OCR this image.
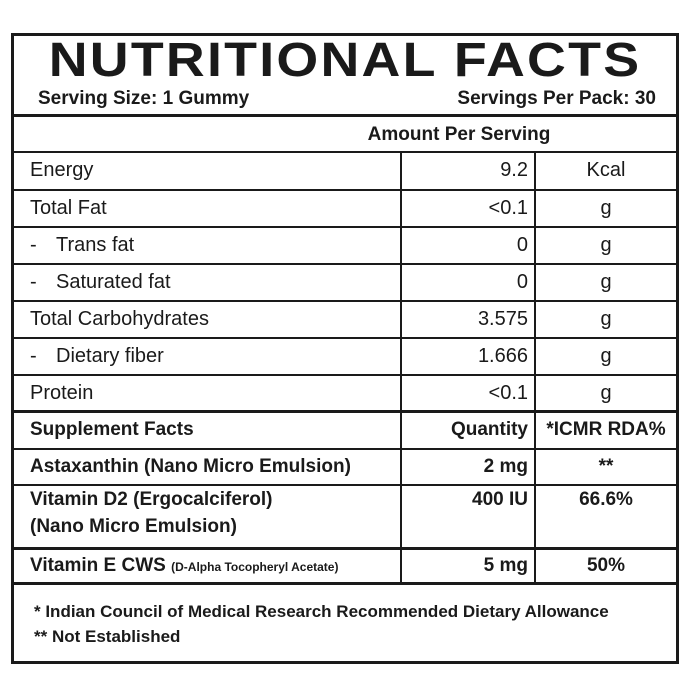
NUTRITIONAL FACTS
Serving Size: 1 Gummy	Servings Per Pack: 30
Amount Per Serving
Energy	9.2	Kcal
Total Fat	<0.1	g
- Trans fat	0	g
- Saturated fat	0	g
Total Carbohydrates	3.575	g
- Dietary fiber	1.666	g
Protein	<0.1	g
Supplement Facts	Quantity *ICMR RDA%
Astaxanthin (Nano Micro Emulsion)	2 mg	**
Vitamin D2 (Ergocalciferol)
(Nano Micro Emulsion)
400 IU	66.6%
Vitamin E CWS (D-Alpha Tocopheryl Acetate)	5 mg	50%
* Indian Council of Medical Research Recommended Dietary Allowance
** Not Established
